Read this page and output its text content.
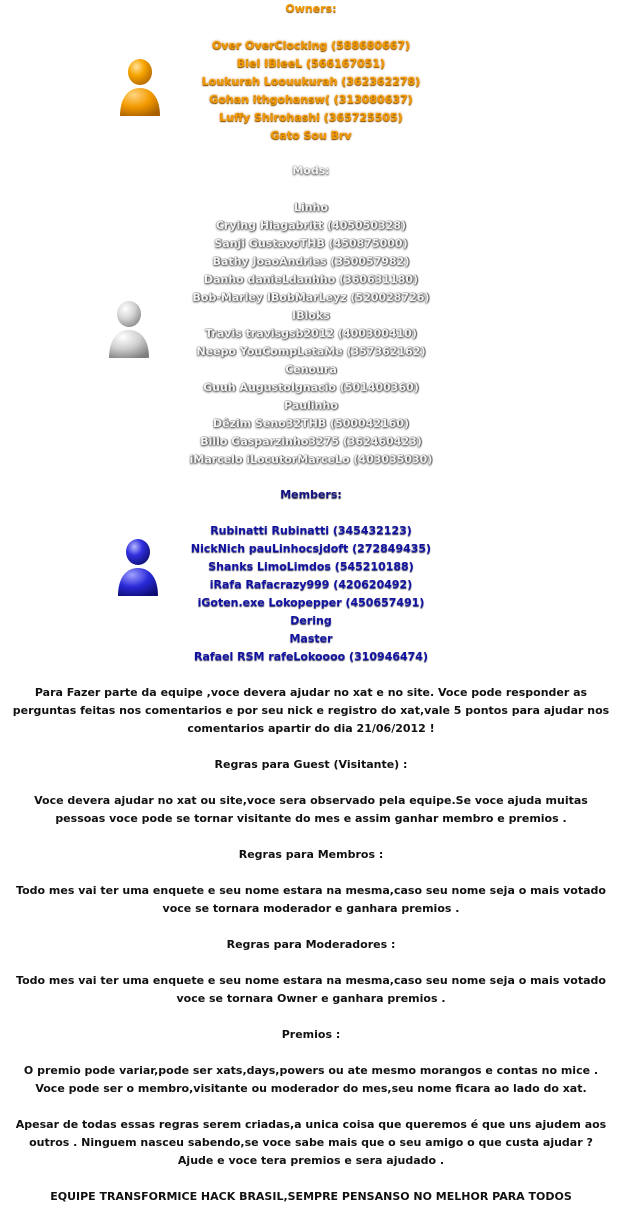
Owners:
Over OverClocking (588680667)
Biel IBieeL (566167051)
Loukurah Loouukurah (362362278)
Gohan ithgohansw( (313080637)
Luffy Shirohashi (365725505)
Gato Sou Brv
Mods:
Linho
Crying Hiagabritt (405050328)
Sanji GustavoTHB (450875000)
Bathy JoaoAndries (350057982)
Danho danieLdanhho (360631180)
Bob-Marley IBobMarLeyz (520028726)
IBloks
Travis travisgsb2012 (400300410)
Neepo YouCompLetaMe (357362162)
Cenoura
Guuh AugustoIgnacio (501400360)
Paulinho
Dêzim Seno32THB (500042160)
Billo Gasparzinho3275 (362460423)
iMarcelo iLocutorMarceLo (403035030)
Members:
Rubinatti Rubinatti (345432123)
NickNich pauLinhocsjdoft (272849435)
Shanks LimoLimdos (545210188)
iRafa Rafacrazy999 (420620492)
iGoten.exe Lokopepper (450657491)
Dering
Master
Rafael RSM rafeLokoooo (310946474)
Para Fazer parte da equipe ,voce devera ajudar no xat e no site. Voce pode responder as perguntas feitas nos comentarios e por seu nick e registro do xat,vale 5 pontos para ajudar nos comentarios apartir do dia 21/06/2012 !
Regras para Guest (Visitante) :
Voce devera ajudar no xat ou site,voce sera observado pela equipe.Se voce ajuda muitas pessoas voce pode se tornar visitante do mes e assim ganhar membro e premios .
Regras para Membros :
Todo mes vai ter uma enquete e seu nome estara na mesma,caso seu nome seja o mais votado voce se tornara moderador e ganhara premios .
Regras para Moderadores :
Todo mes vai ter uma enquete e seu nome estara na mesma,caso seu nome seja o mais votado voce se tornara Owner e ganhara premios .
Premios :
O premio pode variar,pode ser xats,days,powers ou ate mesmo morangos e contas no mice . Voce pode ser o membro,visitante ou moderador do mes,seu nome ficara ao lado do xat.
Apesar de todas essas regras serem criadas,a unica coisa que queremos é que uns ajudem aos outros . Ninguem nasceu sabendo,se voce sabe mais que o seu amigo o que custa ajudar ? Ajude e voce tera premios e sera ajudado .
EQUIPE TRANSFORMICE HACK BRASIL,SEMPRE PENSANSO NO MELHOR PARA TODOS
